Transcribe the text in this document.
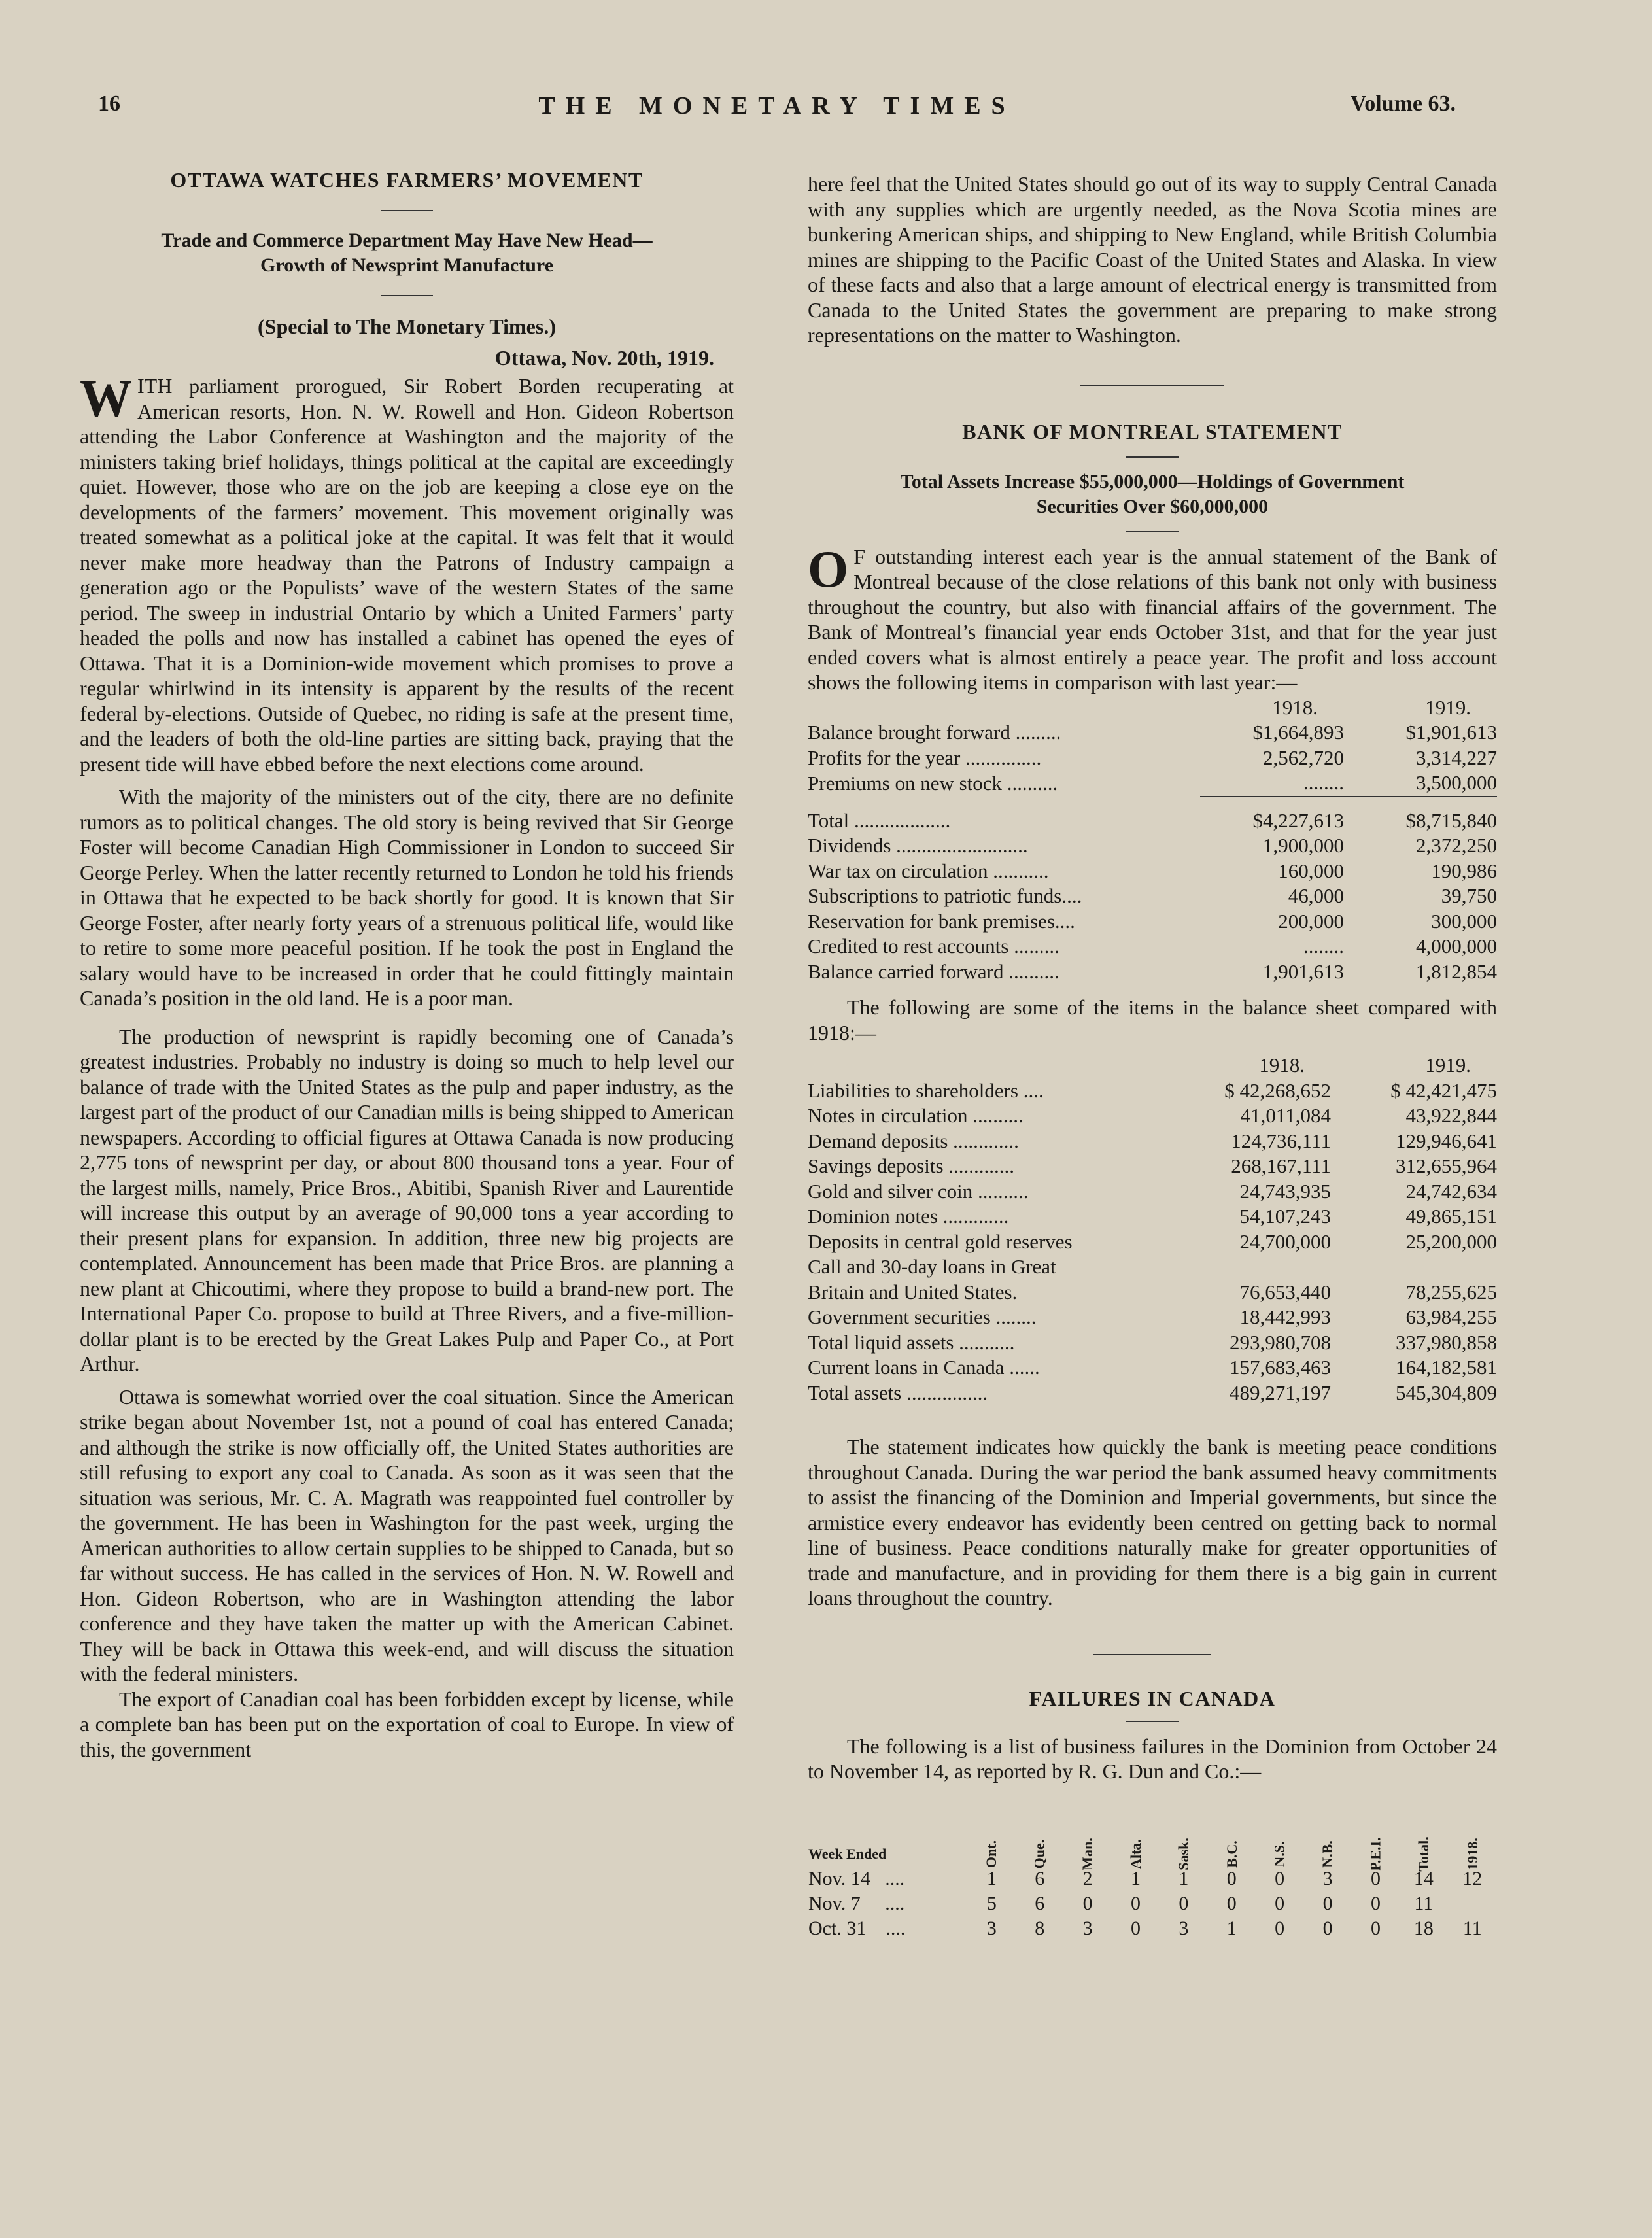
16	THE MONETARY TIMES	Volume 63.
OTTAWA WATCHES FARMERS’ MOVEMENT
Trade and Commerce Department May Have New Head—
Growth of Newsprint Manufacture
(Special to The Monetary Times.)
Ottawa, Nov. 20th, 1919.

WITH parliament prorogued, Sir Robert Borden recuperating at American resorts, Hon. N. W. Rowell and Hon. Gideon Robertson attending the Labor Conference at Washington and the majority of the ministers taking brief holidays, things political at the capital are exceedingly quiet. However, those who are on the job are keeping a close eye on the developments of the farmers’ movement. This movement originally was treated somewhat as a political joke at the capital. It was felt that it would never make more headway than the Patrons of Industry campaign a generation ago or the Populists’ wave of the western States of the same period. The sweep in industrial Ontario by which a United Farmers’ party headed the polls and now has installed a cabinet has opened the eyes of Ottawa. That it is a Dominion-wide movement which promises to prove a regular whirlwind in its intensity is apparent by the results of the recent federal by-elections. Outside of Quebec, no riding is safe at the present time, and the leaders of both the old-line parties are sitting back, praying that the present tide will have ebbed before the next elections come around.

With the majority of the ministers out of the city, there are no definite rumors as to political changes. The old story is being revived that Sir George Foster will become Canadian High Commissioner in London to succeed Sir George Perley. When the latter recently returned to London he told his friends in Ottawa that he expected to be back shortly for good. It is known that Sir George Foster, after nearly forty years of a strenuous political life, would like to retire to some more peaceful position. If he took the post in England the salary would have to be increased in order that he could fittingly maintain Canada’s position in the old land. He is a poor man.

The production of newsprint is rapidly becoming one of Canada’s greatest industries. Probably no industry is doing so much to help level our balance of trade with the United States as the pulp and paper industry, as the largest part of the product of our Canadian mills is being shipped to American newspapers. According to official figures at Ottawa Canada is now producing 2,775 tons of newsprint per day, or about 800 thousand tons a year. Four of the largest mills, namely, Price Bros., Abitibi, Spanish River and Laurentide will increase this output by an average of 90,000 tons a year according to their present plans for expansion. In addition, three new big projects are contemplated. Announcement has been made that Price Bros. are planning a new plant at Chicoutimi, where they propose to build a brand-new port. The International Paper Co. propose to build at Three Rivers, and a five-million-dollar plant is to be erected by the Great Lakes Pulp and Paper Co., at Port Arthur.

Ottawa is somewhat worried over the coal situation. Since the American strike began about November 1st, not a pound of coal has entered Canada; and although the strike is now officially off, the United States authorities are still refusing to export any coal to Canada. As soon as it was seen that the situation was serious, Mr. C. A. Magrath was reappointed fuel controller by the government. He has been in Washington for the past week, urging the American authorities to allow certain supplies to be shipped to Canada, but so far without success. He has called in the services of Hon. N. W. Rowell and Hon. Gideon Robertson, who are in Washington attending the labor conference and they have taken the matter up with the American Cabinet. They will be back in Ottawa this week-end, and will discuss the situation with the federal ministers.

The export of Canadian coal has been forbidden except by license, while a complete ban has been put on the exportation of coal to Europe. In view of this, the government

here feel that the United States should go out of its way to supply Central Canada with any supplies which are urgently needed, as the Nova Scotia mines are bunkering American ships, and shipping to New England, while British Columbia mines are shipping to the Pacific Coast of the United States and Alaska. In view of these facts and also that a large amount of electrical energy is transmitted from Canada to the United States the government are preparing to make strong representations on the matter to Washington.

BANK OF MONTREAL STATEMENT
Total Assets Increase $55,000,000—Holdings of Government
Securities Over $60,000,000

O F outstanding interest each year is the annual statement of the Bank of Montreal because of the close relations of this bank not only with business throughout the country, but also with financial affairs of the government. The Bank of Montreal’s financial year ends October 31st, and that for the year just ended covers what is almost entirely a peace year. The profit and loss account shows the following items in comparison with last year:—

	1918.	1919.
Balance brought forward .........	$1,664,893	$1,901,613
Profits for the year ...............	2,562,720	3,314,227
Premiums on new stock ..........	........	3,500,000

Total ...................	$4,227,613	$8,715,840
Dividends ..........................	1,900,000	2,372,250
War tax on circulation ...........	160,000	190,986
Subscriptions to patriotic funds....	46,000	39,750
Reservation for bank premises....	200,000	300,000
Credited to rest accounts .........	........	4,000,000
Balance carried forward ..........	1,901,613	1,812,854

The following are some of the items in the balance sheet compared with 1918:—

	1918.	1919.
Liabilities to shareholders ....	$ 42,268,652	$ 42,421,475
Notes in circulation ..........	41,011,084	43,922,844
Demand deposits .............	124,736,111	129,946,641
Savings deposits .............	268,167,111	312,655,964
Gold and silver coin ..........	24,743,935	24,742,634
Dominion notes .............	54,107,243	49,865,151
Deposits in central gold reserves	24,700,000	25,200,000
Call and 30-day loans in Great		
Britain and United States.	76,653,440	78,255,625
Government securities ........	18,442,993	63,984,255
Total liquid assets ...........	293,980,708	337,980,858
Current loans in Canada ......	157,683,463	164,182,581
Total assets ................	489,271,197	545,304,809

The statement indicates how quickly the bank is meeting peace conditions throughout Canada. During the war period the bank assumed heavy commitments to assist the financing of the Dominion and Imperial governments, but since the armistice every endeavor has evidently been centred on getting back to normal line of business. Peace conditions naturally make for greater opportunities of trade and manufacture, and in providing for them there is a big gain in current loans throughout the country.

FAILURES IN CANADA

The following is a list of business failures in the Dominion from October 24 to November 14, as reported by R. G. Dun and Co.:—

Week Ended	Ont.	Que.	Man.	Alta.	Sask.	B.C.	N.S.	N.B.	P.E.I.	Total.	1918.
Nov. 14 ....	1	6	2	1	1	0	0	3	0	14	12
Nov. 7 ....	5	6	0	0	0	0	0	0	0	11	
Oct. 31 ....	3	8	3	0	3	1	0	0	0	18	11
